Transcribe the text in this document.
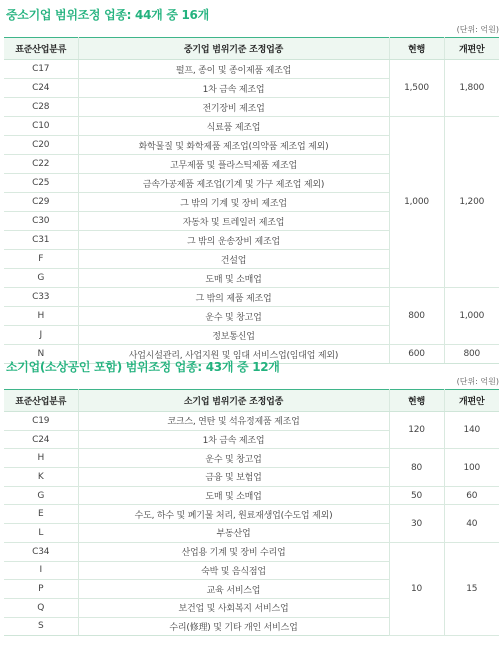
중소기업 범위조정 업종: 44개 중 16개
(단위: 억원)
표준산업분류	중기업 범위기준 조정업종	현행	개편안
C17	펄프, 종이 및 종이제품 제조업	1,500	1,800
C24	1차 금속 제조업		
C28	전기장비 제조업		
C10	식료품 제조업	1,000	1,200
C20	화학물질 및 화학제품 제조업(의약품 제조업 제외)		
C22	고무제품 및 플라스틱제품 제조업		
C25	금속가공제품 제조업(기계 및 가구 제조업 제외)		
C29	그 밖의 기계 및 장비 제조업		
C30	자동차 및 트레일러 제조업		
C31	그 밖의 운송장비 제조업		
F	건설업		
G	도매 및 소매업		
C33	그 밖의 제품 제조업	800	1,000
H	운수 및 창고업		
J	정보통신업		
N	사업시설관리, 사업지원 및 임대 서비스업(임대업 제외)	600	800
소기업(소상공인 포함) 범위조정 업종: 43개 중 12개
(단위: 억원)
표준산업분류	소기업 범위기준 조정업종	현행	개편안
C19	코크스, 연탄 및 석유정제품 제조업	120	140
C24	1차 금속 제조업		
H	운수 및 창고업	80	100
K	금융 및 보험업		
G	도매 및 소매업	50	60
E	수도, 하수 및 폐기물 처리, 원료재생업(수도업 제외)	30	40
L	부동산업		
C34	산업용 기계 및 장비 수리업	10	15
I	숙박 및 음식점업		
P	교육 서비스업		
Q	보건업 및 사회복지 서비스업		
S	수리(修理) 및 기타 개인 서비스업		
